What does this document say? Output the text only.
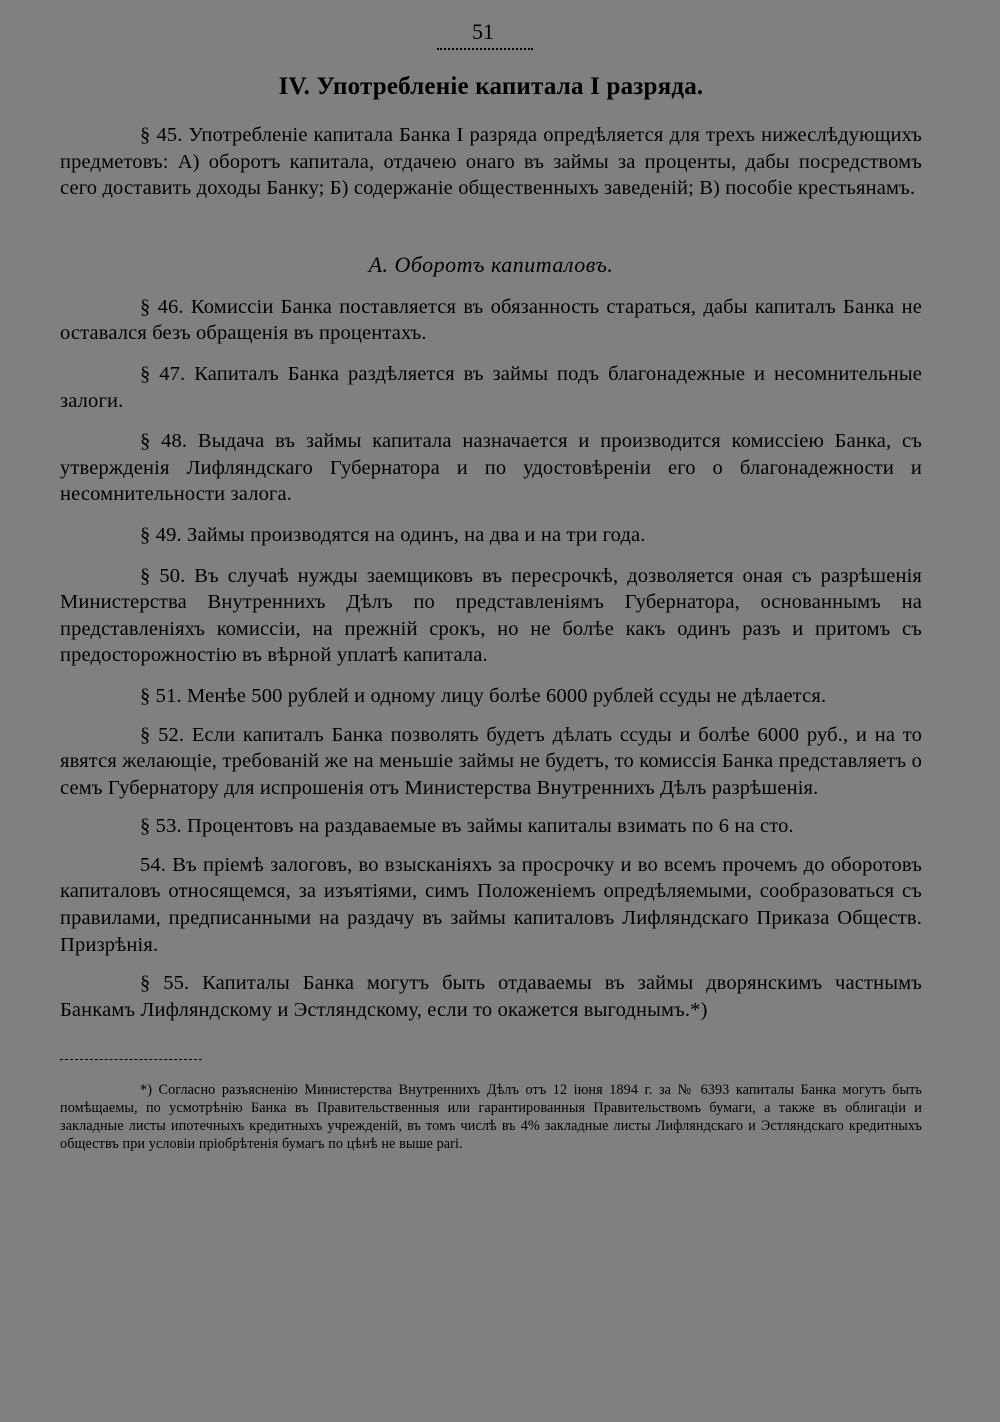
51
IV. Употребленіе капитала I разряда.

§ 45. Употребленіе капитала Банка I разряда опредѣляется для трехъ нижеслѣдующихъ предметовъ: А) оборотъ капитала, отдачею онаго въ займы за проценты, дабы посредствомъ сего доставить доходы Банку; Б) содержаніе общественныхъ заведеній; В) пособіе крестьянамъ.

А. Оборотъ капиталовъ.

§ 46. Комиссіи Банка поставляется въ обязанность стараться, дабы капиталъ Банка не оставался безъ обращенія въ процентахъ.

§ 47. Капиталъ Банка раздѣляется въ займы подъ благонадежные и несомнительные залоги.

§ 48. Выдача въ займы капитала назначается и производится комиссіею Банка, съ утвержденія Лифляндскаго Губернатора и по удостовѣреніи его о благонадежности и несомнительности залога.

§ 49. Займы производятся на одинъ, на два и на три года.

§ 50. Въ случаѣ нужды заемщиковъ въ пересрочкѣ, дозволяется оная съ разрѣшенія Министерства Внутреннихъ Дѣлъ по представленіямъ Губернатора, основаннымъ на представленіяхъ комиссіи, на прежній срокъ, но не болѣе какъ одинъ разъ и притомъ съ предосторожностію въ вѣрной уплатѣ капитала.

§ 51. Менѣе 500 рублей и одному лицу болѣе 6000 рублей ссуды не дѣлается.

§ 52. Если капиталъ Банка позволять будетъ дѣлать ссуды и болѣе 6000 руб., и на то явятся желающіе, требованій же на меньшіе займы не будетъ, то комиссія Банка представляетъ о семъ Губернатору для испрошенія отъ Министерства Внутреннихъ Дѣлъ разрѣшенія.

§ 53. Процентовъ на раздаваемые въ займы капиталы взимать по 6 на сто.

54. Въ пріемѣ залоговъ, во взысканіяхъ за просрочку и во всемъ прочемъ до оборотовъ капиталовъ относящемся, за изъятіями, симъ Положеніемъ опредѣляемыми, сообразоваться съ правилами, предписанными на раздачу въ займы капиталовъ Лифляндскаго Приказа Обществ. Призрѣнія.

§ 55. Капиталы Банка могутъ быть отдаваемы въ займы дворянскимъ частнымъ Банкамъ Лифляндскому и Эстляндскому, если то окажется выгоднымъ.*)

*) Согласно разъясненію Министерства Внутреннихъ Дѣлъ отъ 12 іюня 1894 г. за № 6393 капиталы Банка могутъ быть помѣщаемы, по усмотрѣнію Банка въ Правительственныя или гарантированныя Правительствомъ бумаги, а также въ облигаціи и закладные листы ипотечныхъ кредитныхъ учрежденій, въ томъ числѣ въ 4% закладные листы Лифляндскаго и Эстляндскаго кредитныхъ обществъ при условіи пріобрѣтенія бумагъ по цѣнѣ не выше pari.
